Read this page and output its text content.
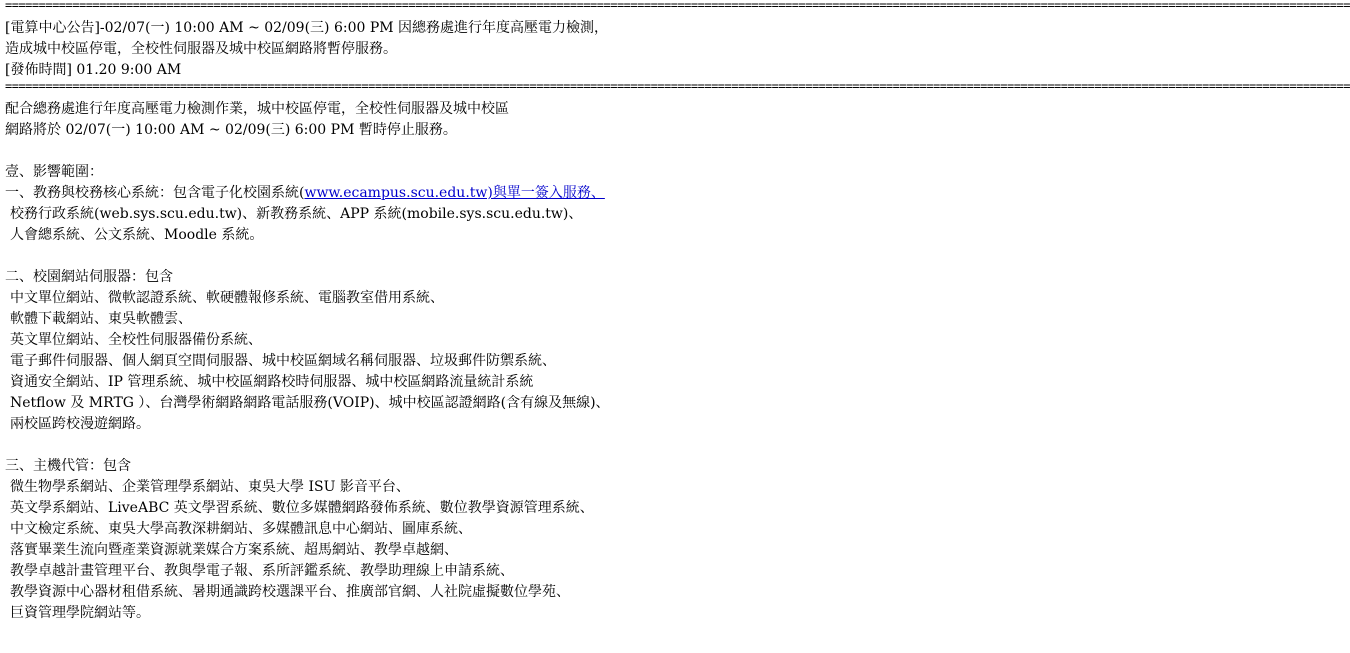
========================================================================================================================================================================================================
[電算中心公告]-02/07(一) 10:00 AM ~ 02/09(三) 6:00 PM 因總務處進行年度高壓電力檢測，
造成城中校區停電，全校性伺服器及城中校區網路將暫停服務。
[發佈時間] 01.20 9:00 AM
========================================================================================================================================================================================================
配合總務處進行年度高壓電力檢測作業，城中校區停電，全校性伺服器及城中校區
網路將於 02/07(一) 10:00 AM ~ 02/09(三) 6:00 PM 暫時停止服務。
壹、影響範圍：
一、教務與校務核心系統：包含電子化校園系統(www.ecampus.scu.edu.tw)與單一簽入服務、
校務行政系統(web.sys.scu.edu.tw)、新教務系統、APP 系統(mobile.sys.scu.edu.tw)、
人會總系統、公文系統、Moodle 系統。
二、校園網站伺服器：包含
中文單位網站、微軟認證系統、軟硬體報修系統、電腦教室借用系統、
軟體下載網站、東吳軟體雲、
英文單位網站、全校性伺服器備份系統、
電子郵件伺服器、個人網頁空間伺服器、城中校區網域名稱伺服器、垃圾郵件防禦系統、
資通安全網站、IP 管理系統、城中校區網路校時伺服器、城中校區網路流量統計系統
Netflow 及 MRTG ）、台灣學術網路網路電話服務(VOIP)、城中校區認證網路(含有線及無線)、
兩校區跨校漫遊網路。
三、主機代管：包含
微生物學系網站、企業管理學系網站、東吳大學 ISU 影音平台、
英文學系網站、LiveABC 英文學習系統、數位多媒體網路發佈系統、數位教學資源管理系統、
中文檢定系統、東吳大學高教深耕網站、多媒體訊息中心網站、圖庫系統、
落實畢業生流向暨產業資源就業媒合方案系統、超馬網站、教學卓越網、
教學卓越計畫管理平台、教與學電子報、系所評鑑系統、教學助理線上申請系統、
教學資源中心器材租借系統、暑期通識跨校選課平台、推廣部官網、人社院虛擬數位學苑、
巨資管理學院網站等。
